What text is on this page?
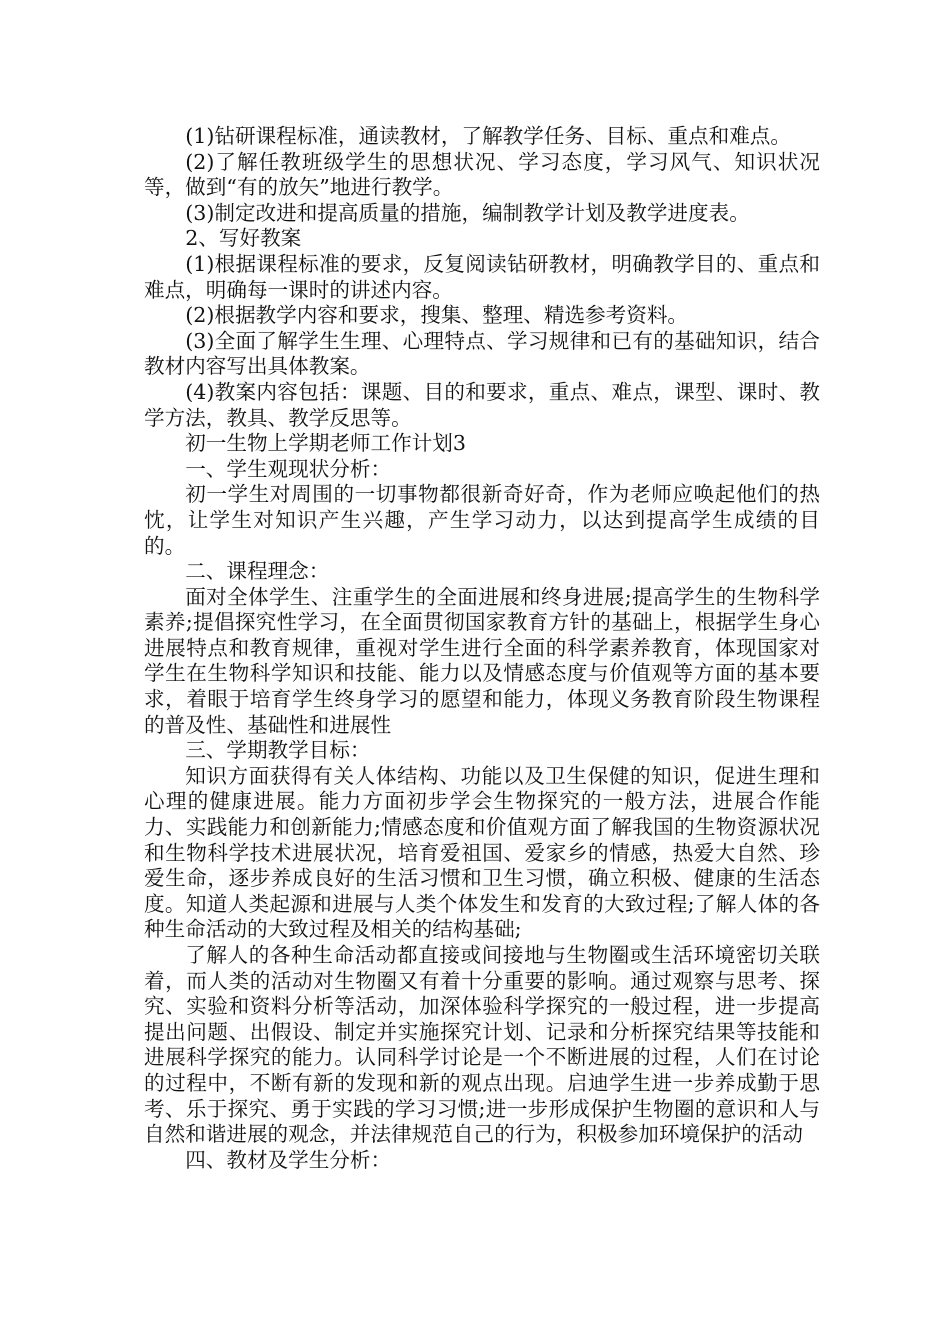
(1)钻研课程标准，通读教材，了解教学任务、目标、重点和难点。

(2)了解任教班级学生的思想状况、学习态度，学习风气、知识状况等，做到“有的放矢”地进行教学。

(3)制定改进和提高质量的措施，编制教学计划及教学进度表。

2、写好教案

(1)根据课程标准的要求，反复阅读钻研教材，明确教学目的、重点和难点，明确每一课时的讲述内容。

(2)根据教学内容和要求，搜集、整理、精选参考资料。

(3)全面了解学生生理、心理特点、学习规律和已有的基础知识，结合教材内容写出具体教案。

(4)教案内容包括：课题、目的和要求，重点、难点，课型、课时、教学方法，教具、教学反思等。

初一生物上学期老师工作计划3

一、学生观现状分析：

初一学生对周围的一切事物都很新奇好奇，作为老师应唤起他们的热忱，让学生对知识产生兴趣，产生学习动力，以达到提高学生成绩的目的。

二、课程理念：

面对全体学生、注重学生的全面进展和终身进展;提高学生的生物科学素养;提倡探究性学习，在全面贯彻国家教育方针的基础上，根据学生身心进展特点和教育规律，重视对学生进行全面的科学素养教育，体现国家对学生在生物科学知识和技能、能力以及情感态度与价值观等方面的基本要求，着眼于培育学生终身学习的愿望和能力，体现义务教育阶段生物课程的普及性、基础性和进展性

三、学期教学目标：

知识方面获得有关人体结构、功能以及卫生保健的知识，促进生理和心理的健康进展。能力方面初步学会生物探究的一般方法，进展合作能力、实践能力和创新能力;情感态度和价值观方面了解我国的生物资源状况和生物科学技术进展状况，培育爱祖国、爱家乡的情感，热爱大自然、珍爱生命，逐步养成良好的生活习惯和卫生习惯，确立积极、健康的生活态度。知道人类起源和进展与人类个体发生和发育的大致过程;了解人体的各种生命活动的大致过程及相关的结构基础;

了解人的各种生命活动都直接或间接地与生物圈或生活环境密切关联着，而人类的活动对生物圈又有着十分重要的影响。通过观察与思考、探究、实验和资料分析等活动，加深体验科学探究的一般过程，进一步提高提出问题、出假设、制定并实施探究计划、记录和分析探究结果等技能和进展科学探究的能力。认同科学讨论是一个不断进展的过程，人们在讨论的过程中，不断有新的发现和新的观点出现。启迪学生进一步养成勤于思考、乐于探究、勇于实践的学习习惯;进一步形成保护生物圈的意识和人与自然和谐进展的观念，并法律规范自己的行为，积极参加环境保护的活动

四、教材及学生分析：
